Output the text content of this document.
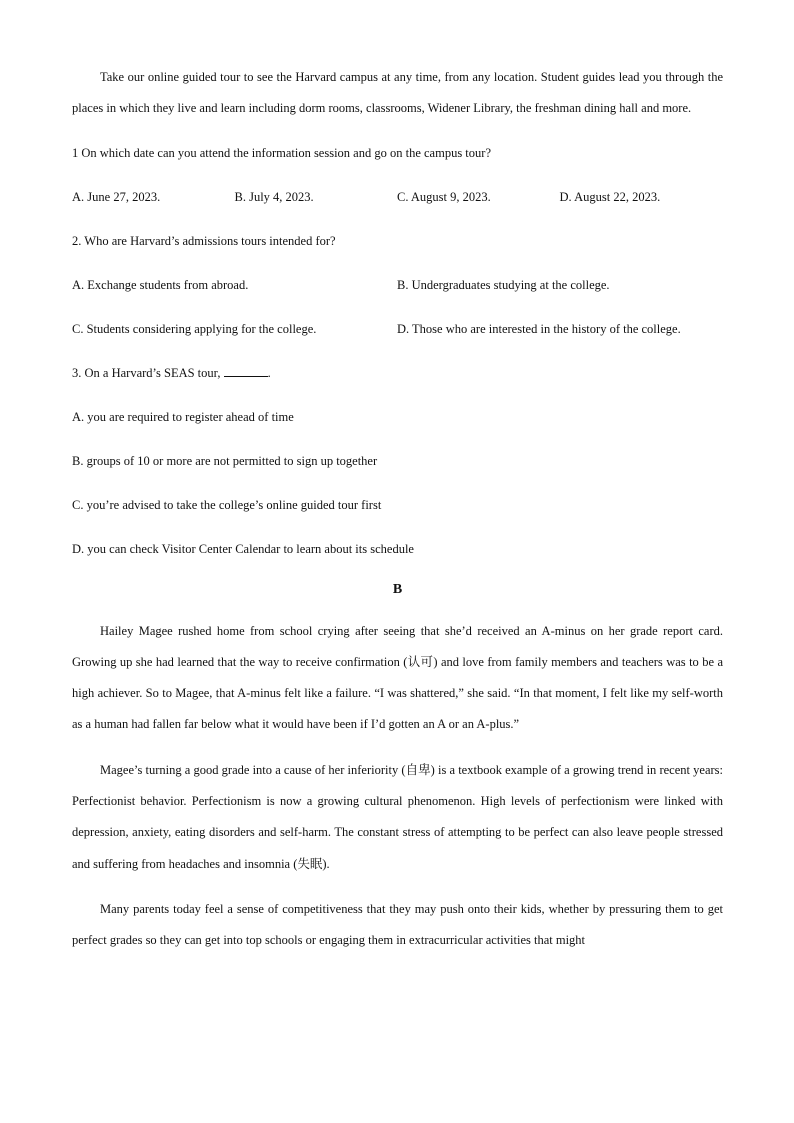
Take our online guided tour to see the Harvard campus at any time, from any location. Student guides lead you through the places in which they live and learn including dorm rooms, classrooms, Widener Library, the freshman dining hall and more.

1 On which date can you attend the information session and go on the campus tour?

A. June 27, 2023.	B. July 4, 2023.	C. August 9, 2023.	D. August 22, 2023.

2. Who are Harvard’s admissions tours intended for?

A. Exchange students from abroad.	B. Undergraduates studying at the college.
C. Students considering applying for the college.	D. Those who are interested in the history of the college.

3. On a Harvard’s SEAS tour,	.

A. you are required to register ahead of time

B. groups of 10 or more are not permitted to sign up together

C. you’re advised to take the college’s online guided tour first

D. you can check Visitor Center Calendar to learn about its schedule

B

Hailey Magee rushed home from school crying after seeing that she’d received an A-minus on her grade report card. Growing up she had learned that the way to receive confirmation (认可) and love from family members and teachers was to be a high achiever. So to Magee, that A-minus felt like a failure. “I was shattered,” she said. “In that moment, I felt like my self-worth as a human had fallen far below what it would have been if I’d gotten an A or an A-plus.”

Magee’s turning a good grade into a cause of her inferiority (自卑) is a textbook example of a growing trend in recent years: Perfectionist behavior. Perfectionism is now a growing cultural phenomenon. High levels of perfectionism were linked with depression, anxiety, eating disorders and self-harm. The constant stress of attempting to be perfect can also leave people stressed and suffering from headaches and insomnia (失眠).

Many parents today feel a sense of competitiveness that they may push onto their kids, whether by pressuring them to get perfect grades so they can get into top schools or engaging them in extracurricular activities that might
